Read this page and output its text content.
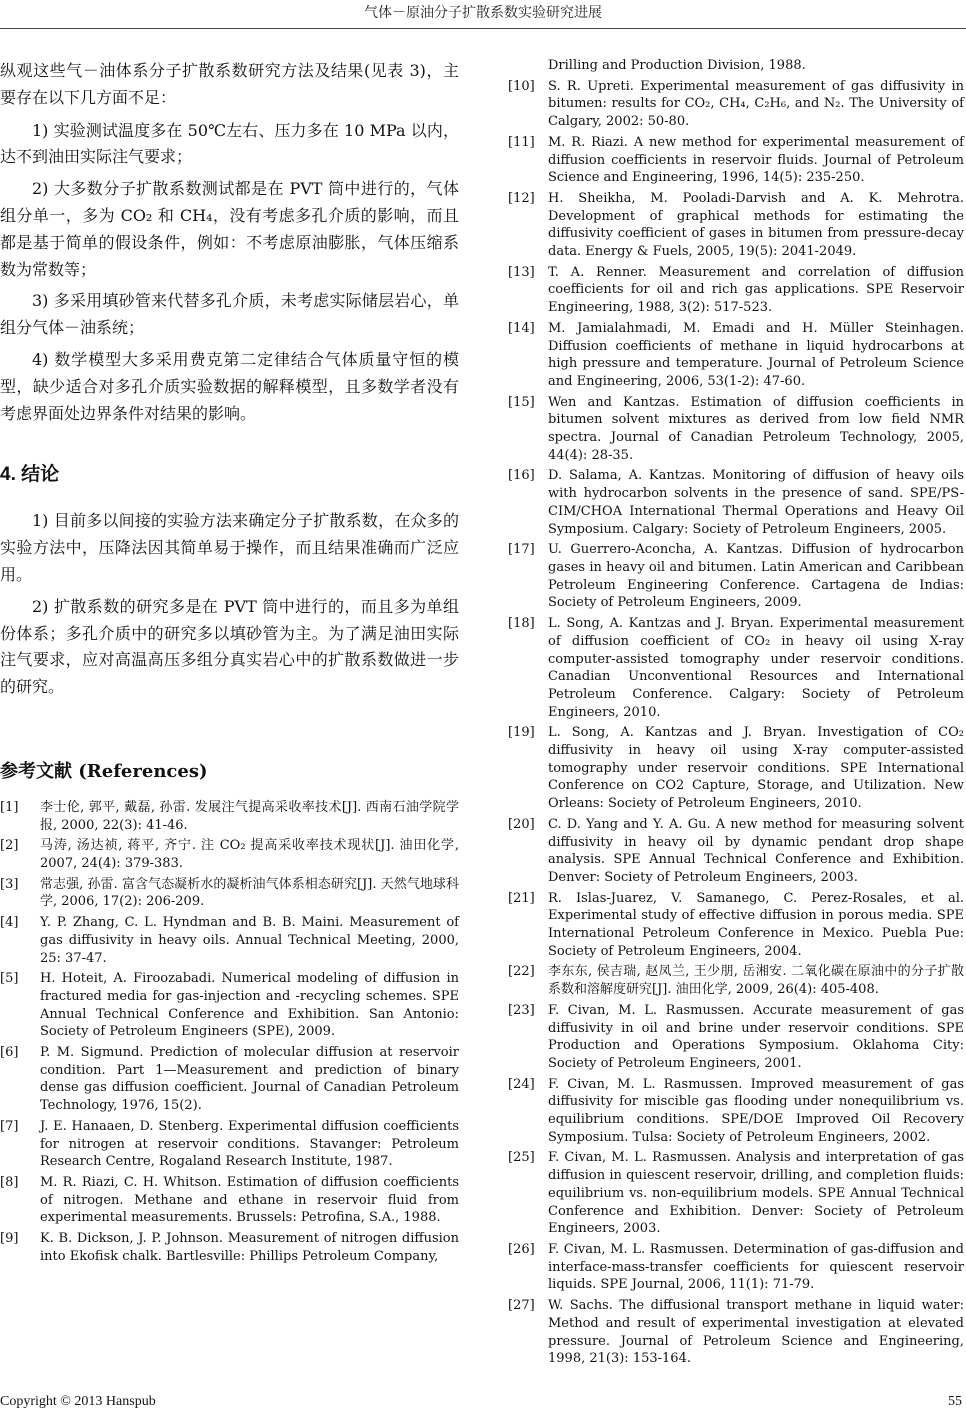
气体－原油分子扩散系数实验研究进展

纵观这些气－油体系分子扩散系数研究方法及结果(见表 3)，主要存在以下几方面不足：

1) 实验测试温度多在 50℃左右、压力多在 10 MPa 以内，达不到油田实际注气要求；

2) 大多数分子扩散系数测试都是在 PVT 筒中进行的，气体组分单一，多为 CO₂ 和 CH₄，没有考虑多孔介质的影响，而且都是基于简单的假设条件，例如：不考虑原油膨胀，气体压缩系数为常数等；

3) 多采用填砂管来代替多孔介质，未考虑实际储层岩心，单组分气体－油系统；

4) 数学模型大多采用费克第二定律结合气体质量守恒的模型，缺少适合对多孔介质实验数据的解释模型，且多数学者没有考虑界面处边界条件对结果的影响。

4. 结论

1) 目前多以间接的实验方法来确定分子扩散系数，在众多的实验方法中，压降法因其简单易于操作，而且结果准确而广泛应用。

2) 扩散系数的研究多是在 PVT 筒中进行的，而且多为单组份体系；多孔介质中的研究多以填砂管为主。为了满足油田实际注气要求，应对高温高压多组分真实岩心中的扩散系数做进一步的研究。

参考文献 (References)
[1]	李士伦, 郭平, 戴磊, 孙雷. 发展注气提高采收率技术[J]. 西南石油学院学报, 2000, 22(3): 41-46.
[2]	马涛, 汤达祯, 蒋平, 齐宁. 注 CO₂ 提高采收率技术现状[J]. 油田化学, 2007, 24(4): 379-383.
[3]	常志强, 孙雷. 富含气态凝析水的凝析油气体系相态研究[J]. 天然气地球科学, 2006, 17(2): 206-209.
[4]	Y. P. Zhang, C. L. Hyndman and B. B. Maini. Measurement of gas diffusivity in heavy oils. Annual Technical Meeting, 2000, 25: 37-47.
[5]	H. Hoteit, A. Firoozabadi. Numerical modeling of diffusion in fractured media for gas-injection and -recycling schemes. SPE Annual Technical Conference and Exhibition. San Antonio: Society of Petroleum Engineers (SPE), 2009.
[6]	P. M. Sigmund. Prediction of molecular diffusion at reservoir condition. Part 1—Measurement and prediction of binary dense gas diffusion coefficient. Journal of Canadian Petroleum Technology, 1976, 15(2).
[7]	J. E. Hanaaen, D. Stenberg. Experimental diffusion coefficients for nitrogen at reservoir conditions. Stavanger: Petroleum Research Centre, Rogaland Research Institute, 1987.
[8]	M. R. Riazi, C. H. Whitson. Estimation of diffusion coefficients of nitrogen. Methane and ethane in reservoir fluid from experimental measurements. Brussels: Petrofina, S.A., 1988.
[9]	K. B. Dickson, J. P. Johnson. Measurement of nitrogen diffusion into Ekofisk chalk. Bartlesville: Phillips Petroleum Company,
Drilling and Production Division, 1988.
[10]	S. R. Upreti. Experimental measurement of gas diffusivity in bitumen: results for CO₂, CH₄, C₂H₆, and N₂. The University of Calgary, 2002: 50-80.
[11]	M. R. Riazi. A new method for experimental measurement of diffusion coefficients in reservoir fluids. Journal of Petroleum Science and Engineering, 1996, 14(5): 235-250.
[12]	H. Sheikha, M. Pooladi-Darvish and A. K. Mehrotra. Development of graphical methods for estimating the diffusivity coefficient of gases in bitumen from pressure-decay data. Energy & Fuels, 2005, 19(5): 2041-2049.
[13]	T. A. Renner. Measurement and correlation of diffusion coefficients for oil and rich gas applications. SPE Reservoir Engineering, 1988, 3(2): 517-523.
[14]	M. Jamialahmadi, M. Emadi and H. Müller Steinhagen. Diffusion coefficients of methane in liquid hydrocarbons at high pressure and temperature. Journal of Petroleum Science and Engineering, 2006, 53(1-2): 47-60.
[15]	Wen and Kantzas. Estimation of diffusion coefficients in bitumen solvent mixtures as derived from low field NMR spectra. Journal of Canadian Petroleum Technology, 2005, 44(4): 28-35.
[16]	D. Salama, A. Kantzas. Monitoring of diffusion of heavy oils with hydrocarbon solvents in the presence of sand. SPE/PS-CIM/CHOA International Thermal Operations and Heavy Oil Symposium. Calgary: Society of Petroleum Engineers, 2005.
[17]	U. Guerrero-Aconcha, A. Kantzas. Diffusion of hydrocarbon gases in heavy oil and bitumen. Latin American and Caribbean Petroleum Engineering Conference. Cartagena de Indias: Society of Petroleum Engineers, 2009.
[18]	L. Song, A. Kantzas and J. Bryan. Experimental measurement of diffusion coefficient of CO₂ in heavy oil using X-ray computer-assisted tomography under reservoir conditions. Canadian Unconventional Resources and International Petroleum Conference. Calgary: Society of Petroleum Engineers, 2010.
[19]	L. Song, A. Kantzas and J. Bryan. Investigation of CO₂ diffusivity in heavy oil using X-ray computer-assisted tomography under reservoir conditions. SPE International Conference on CO2 Capture, Storage, and Utilization. New Orleans: Society of Petroleum Engineers, 2010.
[20]	C. D. Yang and Y. A. Gu. A new method for measuring solvent diffusivity in heavy oil by dynamic pendant drop shape analysis. SPE Annual Technical Conference and Exhibition. Denver: Society of Petroleum Engineers, 2003.
[21]	R. Islas-Juarez, V. Samanego, C. Perez-Rosales, et al. Experimental study of effective diffusion in porous media. SPE International Petroleum Conference in Mexico. Puebla Pue: Society of Petroleum Engineers, 2004.
[22]	李东东, 侯吉瑞, 赵凤兰, 王少朋, 岳湘安. 二氧化碳在原油中的分子扩散系数和溶解度研究[J]. 油田化学, 2009, 26(4): 405-408.
[23]	F. Civan, M. L. Rasmussen. Accurate measurement of gas diffusivity in oil and brine under reservoir conditions. SPE Production and Operations Symposium. Oklahoma City: Society of Petroleum Engineers, 2001.
[24]	F. Civan, M. L. Rasmussen. Improved measurement of gas diffusivity for miscible gas flooding under nonequilibrium vs. equilibrium conditions. SPE/DOE Improved Oil Recovery Symposium. Tulsa: Society of Petroleum Engineers, 2002.
[25]	F. Civan, M. L. Rasmussen. Analysis and interpretation of gas diffusion in quiescent reservoir, drilling, and completion fluids: equilibrium vs. non-equilibrium models. SPE Annual Technical Conference and Exhibition. Denver: Society of Petroleum Engineers, 2003.
[26]	F. Civan, M. L. Rasmussen. Determination of gas-diffusion and interface-mass-transfer coefficients for quiescent reservoir liquids. SPE Journal, 2006, 11(1): 71-79.
[27]	W. Sachs. The diffusional transport methane in liquid water: Method and result of experimental investigation at elevated pressure. Journal of Petroleum Science and Engineering, 1998, 21(3): 153-164.
Copyright © 2013 Hanspub	55
